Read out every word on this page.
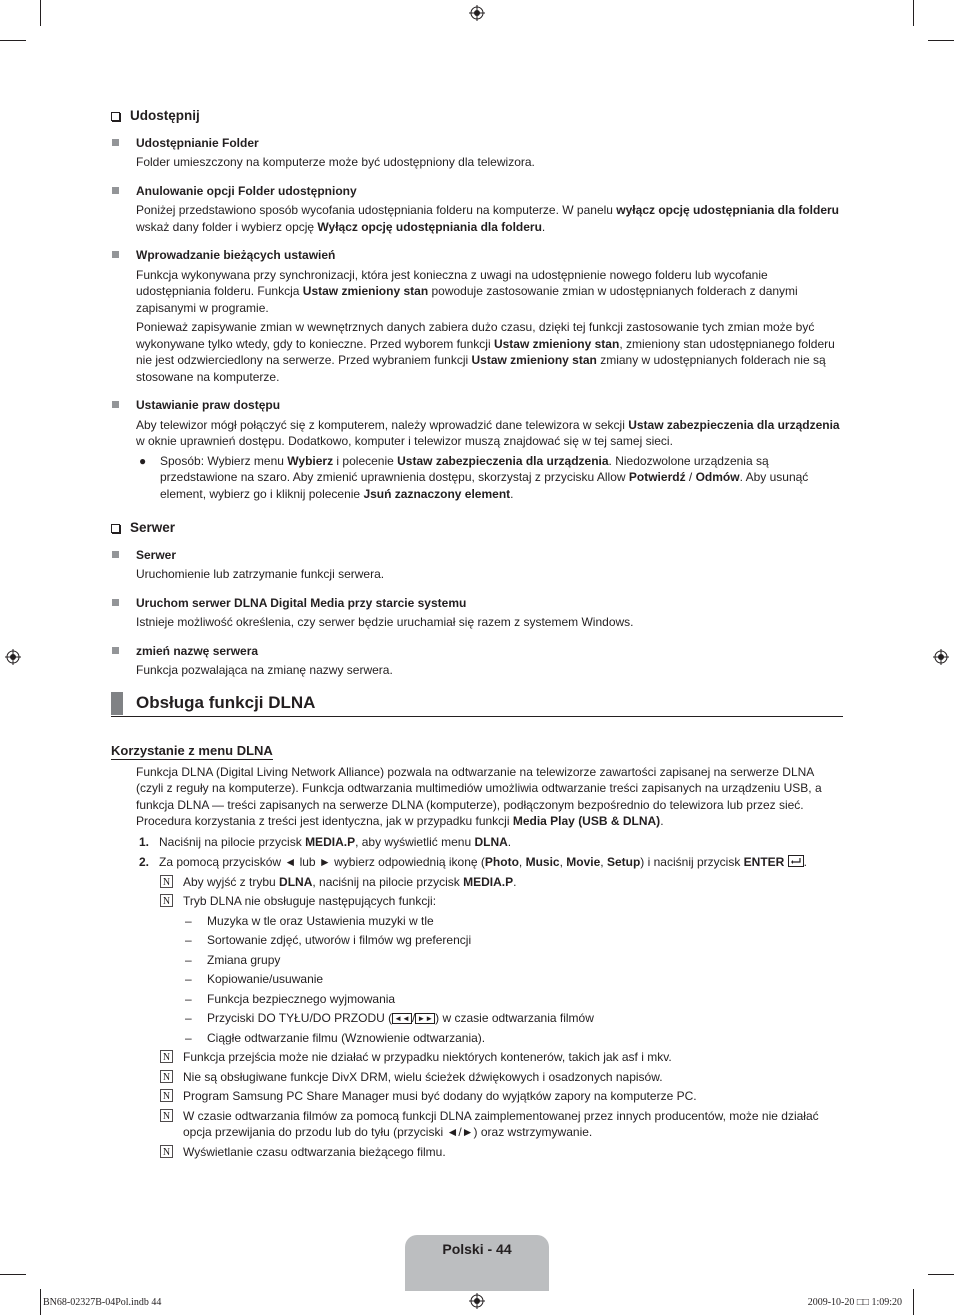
Udostępnij
Udostępnianie Folder

Folder umieszczony na komputerze może być udostępniony dla telewizora.

Anulowanie opcji Folder udostępniony

Poniżej przedstawiono sposób wycofania udostępniania folderu na komputerze. W panelu wyłącz opcję udostępniania dla folderu wskaż dany folder i wybierz opcję Wyłącz opcję udostępniania dla folderu.

Wprowadzanie bieżących ustawień

Funkcja wykonywana przy synchronizacji, która jest konieczna z uwagi na udostępnienie nowego folderu lub wycofanie udostępniania folderu. Funkcja Ustaw zmieniony stan powoduje zastosowanie zmian w udostępnianych folderach z danymi zapisanymi w programie.

Ponieważ zapisywanie zmian w wewnętrznych danych zabiera dużo czasu, dzięki tej funkcji zastosowanie tych zmian może być wykonywane tylko wtedy, gdy to konieczne. Przed wyborem funkcji Ustaw zmieniony stan, zmieniony stan udostępnianego folderu nie jest odzwierciedlony na serwerze. Przed wybraniem funkcji Ustaw zmieniony stan zmiany w udostępnianych folderach nie są stosowane na komputerze.

Ustawianie praw dostępu

Aby telewizor mógł połączyć się z komputerem, należy wprowadzić dane telewizora w sekcji Ustaw zabezpieczenia dla urządzenia w oknie uprawnień dostępu. Dodatkowo, komputer i telewizor muszą znajdować się w tej samej sieci.

● Sposób: Wybierz menu Wybierz i polecenie Ustaw zabezpieczenia dla urządzenia. Niedozwolone urządzenia są przedstawione na szaro. Aby zmienić uprawnienia dostępu, skorzystaj z przycisku Allow Potwierdź / Odmów. Aby usunąć element, wybierz go i kliknij polecenie Jsuń zaznaczony element.
Serwer
Serwer

Uruchomienie lub zatrzymanie funkcji serwera.

Uruchom serwer DLNA Digital Media przy starcie systemu

Istnieje możliwość określenia, czy serwer będzie uruchamiał się razem z systemem Windows.

zmień nazwę serwera

Funkcja pozwalająca na zmianę nazwy serwera.

Obsługa funkcji DLNA
Korzystanie z menu DLNA

Funkcja DLNA (Digital Living Network Alliance) pozwala na odtwarzanie na telewizorze zawartości zapisanej na serwerze DLNA (czyli z reguły na komputerze). Funkcja odtwarzania multimediów umożliwia odtwarzanie treści zapisanych na urządzeniu USB, a funkcja DLNA — treści zapisanych na serwerze DLNA (komputerze), podłączonym bezpośrednio do telewizora lub przez sieć. Procedura korzystania z treści jest identyczna, jak w przypadku funkcji Media Play (USB & DLNA).

1. Naciśnij na pilocie przycisk MEDIA.P, aby wyświetlić menu DLNA.
2. Za pomocą przycisków ◄ lub ► wybierz odpowiednią ikonę (Photo, Music, Movie, Setup) i naciśnij przycisk ENTER .
N Aby wyjść z trybu DLNA, naciśnij na pilocie przycisk MEDIA.P.
N Tryb DLNA nie obsługuje następujących funkcji:
– Muzyka w tle oraz Ustawienia muzyki w tle
– Sortowanie zdjęć, utworów i filmów wg preferencji
– Zmiana grupy
– Kopiowanie/usuwanie
– Funkcja bezpiecznego wyjmowania
– Przyciski DO TYŁU/DO PRZODU ( ◄◄ / ►► ) w czasie odtwarzania filmów
– Ciągłe odtwarzanie filmu (Wznowienie odtwarzania).
N Funkcja przejścia może nie działać w przypadku niektórych kontenerów, takich jak asf i mkv.
N Nie są obsługiwane funkcje DivX DRM, wielu ścieżek dźwiękowych i osadzonych napisów.
N Program Samsung PC Share Manager musi być dodany do wyjątków zapory na komputerze PC.
N W czasie odtwarzania filmów za pomocą funkcji DLNA zaimplementowanej przez innych producentów, może nie działać opcja przewijania do przodu lub do tyłu (przyciski ◄/►) oraz wstrzymywanie.
N Wyświetlanie czasu odtwarzania bieżącego filmu.
Polski - 44
BN68-02327B-04Pol.indb 44	2009-10-20 □□ 1:09:20
